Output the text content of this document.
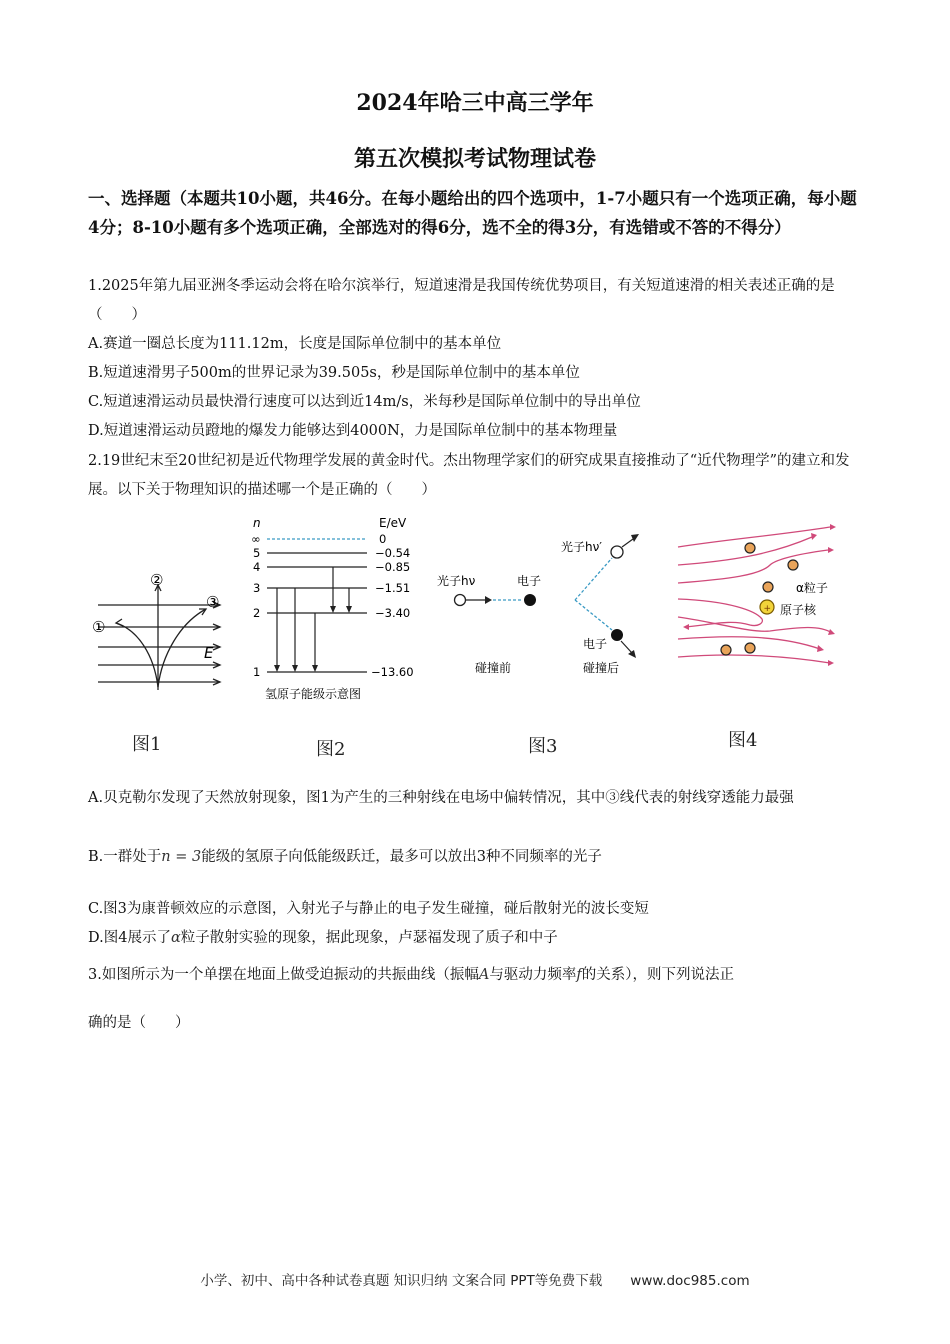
2024年哈三中高三学年
第五次模拟考试物理试卷
一、选择题（本题共10小题，共46分。在每小题给出的四个选项中，1-7小题只有一个选项正确，每小题4分；8-10小题有多个选项正确，全部选对的得6分，选不全的得3分，有选错或不答的不得分）
1.2025年第九届亚洲冬季运动会将在哈尔滨举行，短道速滑是我国传统优势项目，有关短道速滑的相关表述正确的是（　　）
A.赛道一圈总长度为111.12m，长度是国际单位制中的基本单位
B.短道速滑男子500m的世界记录为39.505s，秒是国际单位制中的基本单位
C.短道速滑运动员最快滑行速度可以达到近14m/s，米每秒是国际单位制中的导出单位
D.短道速滑运动员蹬地的爆发力能够达到4000N，力是国际单位制中的基本物理量
2.19世纪末至20世纪初是近代物理学发展的黄金时代。杰出物理学家们的研究成果直接推动了“近代物理学”的建立和发展。以下关于物理知识的描述哪一个是正确的（　　）
①
②
③
E
图1
n	E/eV
∞	0
5	−0.54
4	−0.85
3	−1.51
2	−3.40
1	−13.60
氢原子能级示意图
图2
光子hν	电子
碰撞前
光子hν′
电子
碰撞后
图3
+
α粒子
原子核
图4
A.贝克勒尔发现了天然放射现象，图1为产生的三种射线在电场中偏转情况，其中③线代表的射线穿透能力最强
B.一群处于n = 3能级的氢原子向低能级跃迁，最多可以放出3种不同频率的光子
C.图3为康普顿效应的示意图，入射光子与静止的电子发生碰撞，碰后散射光的波长变短
D.图4展示了α粒子散射实验的现象，据此现象，卢瑟福发现了质子和中子
3.如图所示为一个单摆在地面上做受迫振动的共振曲线（振幅A与驱动力频率f的关系），则下列说法正
确的是（　　）
小学、初中、高中各种试卷真题 知识归纳 文案合同 PPT等免费下载 www.doc985.com
